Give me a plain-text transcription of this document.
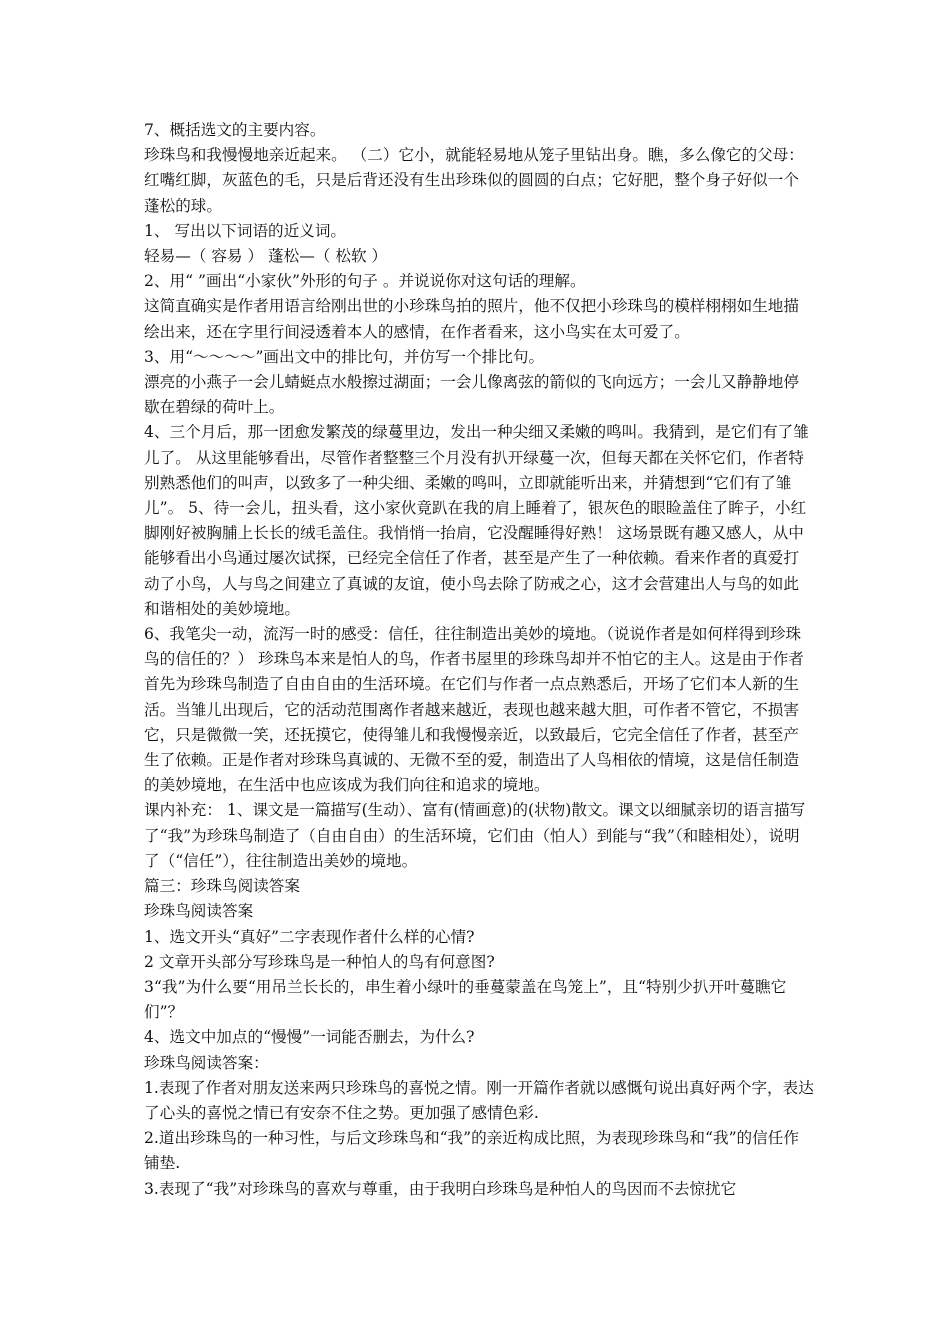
7、概括选文的主要内容。

珍珠鸟和我慢慢地亲近起来。 （二）它小，就能轻易地从笼子里钻出身。瞧，多么像它的父母：红嘴红脚，灰蓝色的毛，只是后背还没有生出珍珠似的圆圆的白点；它好肥，整个身子好似一个蓬松的球。

1、 写出以下词语的近义词。

轻易—（ 容易 ） 蓬松—（ 松软 ）

2、用“ ”画出“小家伙”外形的句子 。并说说你对这句话的理解。

这简直确实是作者用语言给刚出世的小珍珠鸟拍的照片，他不仅把小珍珠鸟的模样栩栩如生地描绘出来，还在字里行间浸透着本人的感情，在作者看来，这小鸟实在太可爱了。

3、用“～～～～”画出文中的排比句，并仿写一个排比句。

漂亮的小燕子一会儿蜻蜓点水般擦过湖面；一会儿像离弦的箭似的飞向远方；一会儿又静静地停歇在碧绿的荷叶上。

4、三个月后，那一团愈发繁茂的绿蔓里边，发出一种尖细又柔嫩的鸣叫。我猜到，是它们有了雏儿了。 从这里能够看出，尽管作者整整三个月没有扒开绿蔓一次，但每天都在关怀它们，作者特别熟悉他们的叫声，以致多了一种尖细、柔嫩的鸣叫，立即就能听出来，并猜想到“它们有了雏儿”。 5、待一会儿，扭头看，这小家伙竟趴在我的肩上睡着了，银灰色的眼睑盖住了眸子，小红脚刚好被胸脯上长长的绒毛盖住。我悄悄一抬肩，它没醒睡得好熟！ 这场景既有趣又感人，从中能够看出小鸟通过屡次试探，已经完全信任了作者，甚至是产生了一种依赖。看来作者的真爱打动了小鸟，人与鸟之间建立了真诚的友谊，使小鸟去除了防戒之心，这才会营建出人与鸟的如此和谐相处的美妙境地。

6、我笔尖一动，流泻一时的感受：信任，往往制造出美妙的境地。（说说作者是如何样得到珍珠鸟的信任的？） 珍珠鸟本来是怕人的鸟，作者书屋里的珍珠鸟却并不怕它的主人。这是由于作者首先为珍珠鸟制造了自由自由的生活环境。在它们与作者一点点熟悉后，开场了它们本人新的生活。当雏儿出现后，它的活动范围离作者越来越近，表现也越来越大胆，可作者不管它，不损害它，只是微微一笑，还抚摸它，使得雏儿和我慢慢亲近，以致最后，它完全信任了作者，甚至产生了依赖。正是作者对珍珠鸟真诚的、无微不至的爱，制造出了人鸟相依的情境，这是信任制造的美妙境地，在生活中也应该成为我们向往和追求的境地。

课内补充： 1、课文是一篇描写(生动）、富有(情画意)的(状物)散文。课文以细腻亲切的语言描写了“我”为珍珠鸟制造了（自由自由）的生活环境，它们由（怕人）到能与“我”（和睦相处），说明了（“信任”），往往制造出美妙的境地。

篇三：珍珠鸟阅读答案

珍珠鸟阅读答案

1、选文开头“真好”二字表现作者什么样的心情?

2 文章开头部分写珍珠鸟是一种怕人的鸟有何意图?

3“我”为什么要“用吊兰长长的，串生着小绿叶的垂蔓蒙盖在鸟笼上”，且“特别少扒开叶蔓瞧它们”？

4、选文中加点的“慢慢”一词能否删去，为什么?

珍珠鸟阅读答案：

1.表现了作者对朋友送来两只珍珠鸟的喜悦之情。刚一开篇作者就以感慨句说出真好两个字，表达了心头的喜悦之情已有安奈不住之势。更加强了感情色彩.

2.道出珍珠鸟的一种习性，与后文珍珠鸟和“我”的亲近构成比照，为表现珍珠鸟和“我”的信任作铺垫.

3.表现了“我”对珍珠鸟的喜欢与尊重，由于我明白珍珠鸟是种怕人的鸟因而不去惊扰它
